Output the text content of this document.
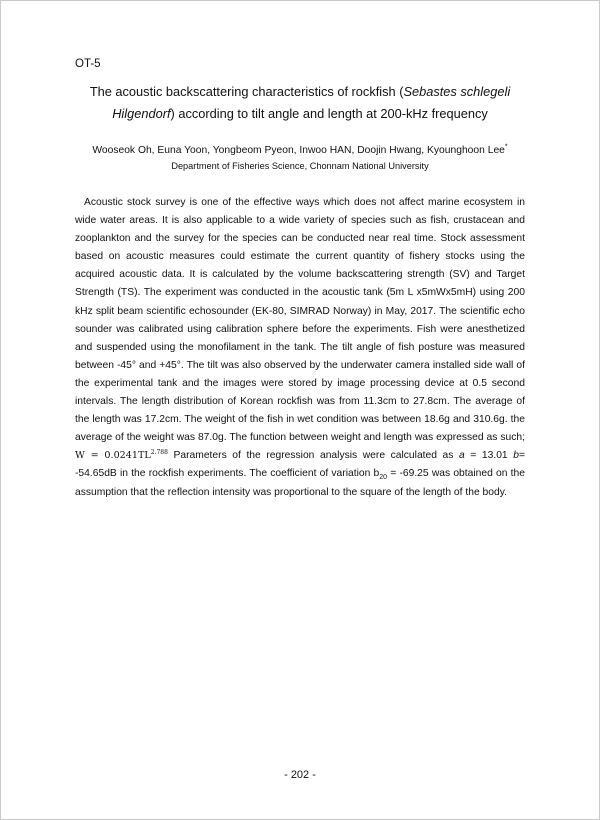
OT-5
The acoustic backscattering characteristics of rockfish (Sebastes schlegeli
Hilgendorf) according to tilt angle and length at 200-kHz frequency
Wooseok Oh, Euna Yoon, Yongbeom Pyeon, Inwoo HAN, Doojin Hwang, Kyounghoon Lee*
Department of Fisheries Science, Chonnam National University

Acoustic stock survey is one of the effective ways which does not affect marine ecosystem in wide water areas. It is also applicable to a wide variety of species such as fish, crustacean and zooplankton and the survey for the species can be conducted near real time. Stock assessment based on acoustic measures could estimate the current quantity of fishery stocks using the acquired acoustic data. It is calculated by the volume backscattering strength (SV) and Target Strength (TS). The experiment was conducted in the acoustic tank (5m L x5mWx5mH) using 200 kHz split beam scientific echosounder (EK-80, SIMRAD Norway) in May, 2017. The scientific echo sounder was calibrated using calibration sphere before the experiments. Fish were anesthetized and suspended using the monofilament in the tank. The tilt angle of fish posture was measured between -45° and +45°. The tilt was also observed by the underwater camera installed side wall of the experimental tank and the images were stored by image processing device at 0.5 second intervals. The length distribution of Korean rockfish was from 11.3cm to 27.8cm. The average of the length was 17.2cm. The weight of the fish in wet condition was between 18.6g and 310.6g. the average of the weight was 87.0g. The function between weight and length was expressed as such; $W = 0.0241TL^{2.788}$ Parameters of the regression analysis were calculated as a = 13.01 b= -54.65dB in the rockfish experiments. The coefficient of variation $b_{20} = -69.25$ was obtained on the assumption that the reflection intensity was proportional to the square of the length of the body.

- 202 -
